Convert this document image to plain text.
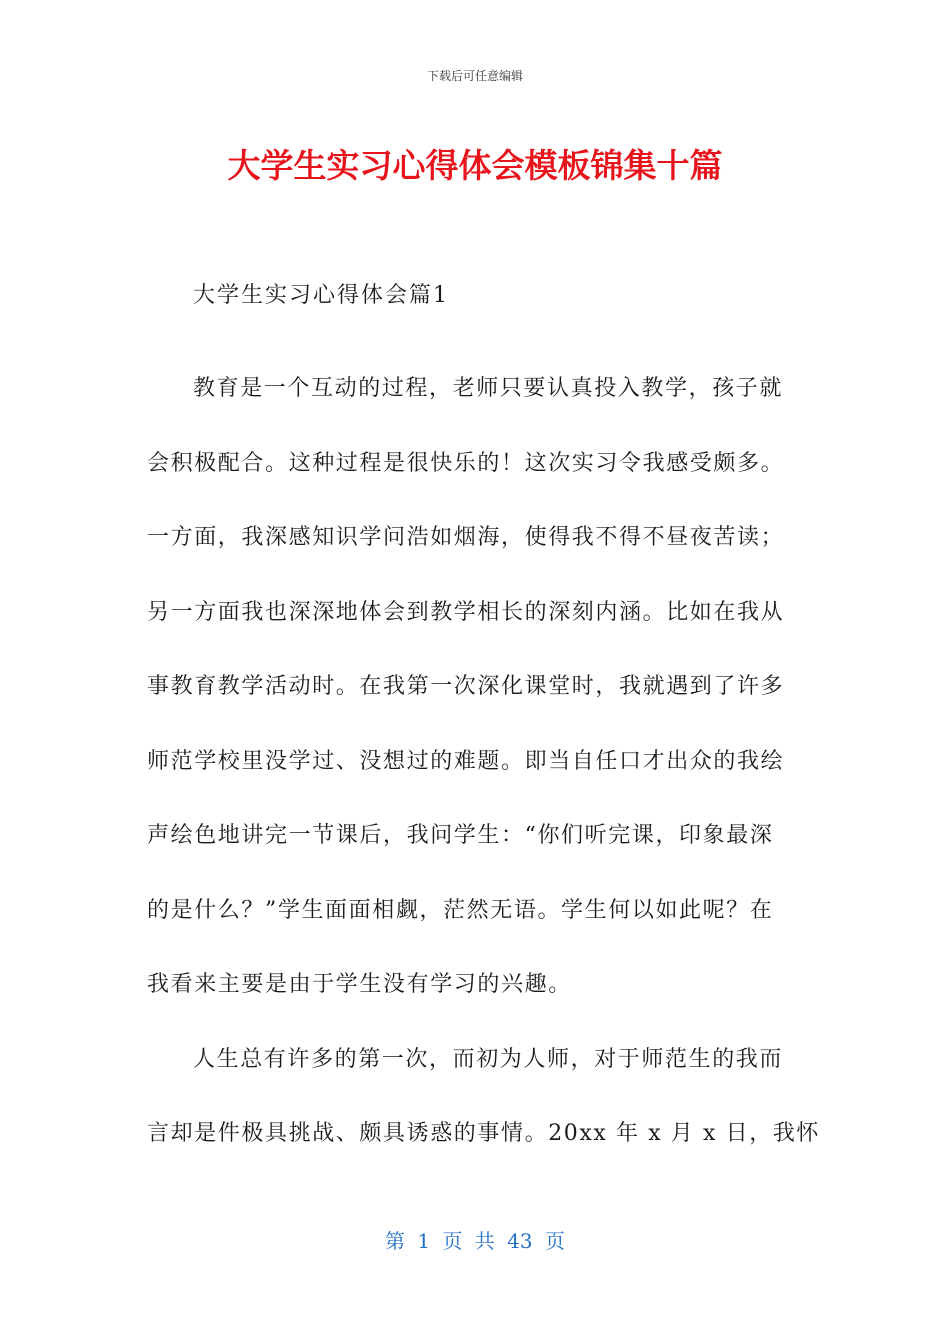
下载后可任意编辑
大学生实习心得体会模板锦集十篇
大学生实习心得体会篇1
教育是一个互动的过程，老师只要认真投入教学，孩子就
会积极配合。这种过程是很快乐的！这次实习令我感受颇多。
一方面，我深感知识学问浩如烟海，使得我不得不昼夜苦读；
另一方面我也深深地体会到教学相长的深刻内涵。比如在我从
事教育教学活动时。在我第一次深化课堂时，我就遇到了许多
师范学校里没学过、没想过的难题。即当自任口才出众的我绘
声绘色地讲完一节课后，我问学生：“你们听完课，印象最深
的是什么？”学生面面相觑，茫然无语。学生何以如此呢？在
我看来主要是由于学生没有学习的兴趣。
人生总有许多的第一次，而初为人师，对于师范生的我而
言却是件极具挑战、颇具诱惑的事情。20xx 年 x 月 x 日，我怀
第 1 页 共 43 页
